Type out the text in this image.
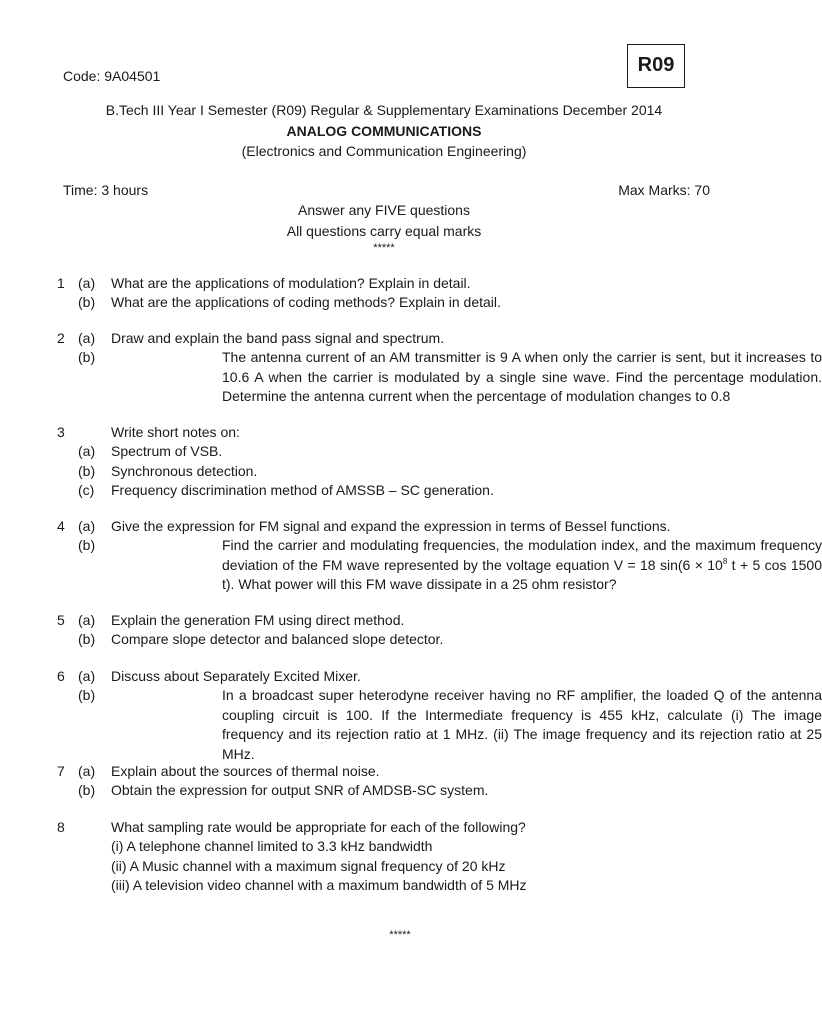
Code: 9A04501	R09
B.Tech III Year I Semester (R09) Regular & Supplementary Examinations December 2014
ANALOG COMMUNICATIONS
(Electronics and Communication Engineering)
Time: 3 hours	Max Marks: 70
Answer any FIVE questions
All questions carry equal marks
*****
1 (a) What are the applications of modulation? Explain in detail.
(b) What are the applications of coding methods? Explain in detail.
2 (a) Draw and explain the band pass signal and spectrum.
(b)	The antenna current of an AM transmitter is 9 A when only the carrier is sent, but it increases to 10.6 A when the carrier is modulated by a single sine wave. Find the percentage modulation. Determine the antenna current when the percentage of modulation changes to 0.8
3	Write short notes on:
(a) Spectrum of VSB.
(b) Synchronous detection.
(c) Frequency discrimination method of AMSSB – SC generation.
4 (a) Give the expression for FM signal and expand the expression in terms of Bessel functions.
(b)	Find the carrier and modulating frequencies, the modulation index, and the maximum frequency deviation of the FM wave represented by the voltage equation V = 18 $\sin(6 \times 10^8$ t + 5 cos 1500 t). What power will this FM wave dissipate in a 25 ohm resistor?
5 (a) Explain the generation FM using direct method.
(b) Compare slope detector and balanced slope detector.
6 (a) Discuss about Separately Excited Mixer.
(b)	In a broadcast super heterodyne receiver having no RF amplifier, the loaded Q of the antenna coupling circuit is 100. If the Intermediate frequency is 455 kHz, calculate (i) The image frequency and its rejection ratio at 1 MHz. (ii) The image frequency and its rejection ratio at 25 MHz.
7 (a) Explain about the sources of thermal noise.
(b) Obtain the expression for output SNR of AMDSB-SC system.
8	What sampling rate would be appropriate for each of the following?
(i) A telephone channel limited to 3.3 kHz bandwidth
(ii) A Music channel with a maximum signal frequency of 20 kHz
(iii) A television video channel with a maximum bandwidth of 5 MHz
*****
